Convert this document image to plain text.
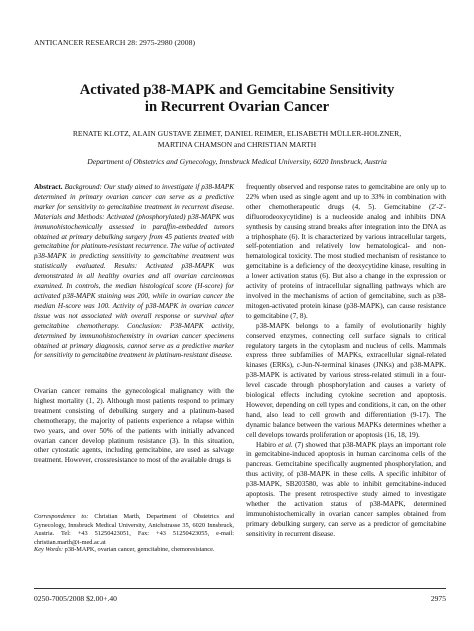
ANTICANCER RESEARCH 28: 2975-2980 (2008)
Activated p38-MAPK and Gemcitabine Sensitivity
in Recurrent Ovarian Cancer
RENATE KLOTZ, ALAIN GUSTAVE ZEIMET, DANIEL REIMER, ELISABETH MÜLLER-HOLZNER,
MARTINA CHAMSON and CHRISTIAN MARTH
Department of Obstetrics and Gynecology, Innsbruck Medical University, 6020 Innsbruck, Austria

Abstract. Background: Our study aimed to investigate if p38-MAPK determined in primary ovarian cancer can serve as a predictive marker for sensitivity to gemcitabine treatment in recurrent disease. Materials and Methods: Activated (phosphorylated) p38-MAPK was immunohistochemically assessed in paraffin-embedded tumors obtained at primary debulking surgery from 45 patients treated with gemcitabine for platinum-resistant recurrence. The value of activated p38-MAPK in predicting sensitivity to gemcitabine treatment was statistically evaluated. Results: Activated p38-MAPK was demonstrated in all healthy ovaries and all ovarian carcinomas examined. In controls, the median histological score (H-score) for activated p38-MAPK staining was 200, while in ovarian cancer the median H-score was 100. Activity of p38-MAPK in ovarian cancer tissue was not associated with overall response or survival after gemcitabine chemotherapy. Conclusion: P38-MAPK activity, determined by immunohistochemistry in ovarian cancer specimens obtained at primary diagnosis, cannot serve as a predictive marker for sensitivity to gemcitabine treatment in platinum-resistant disease.

Ovarian cancer remains the gynecological malignancy with the highest mortality (1, 2). Although most patients respond to primary treatment consisting of debulking surgery and a platinum-based chemotherapy, the majority of patients experience a relapse within two years, and over 50% of the patients with initially advanced ovarian cancer develop platinum resistance (3). In this situation, other cytostatic agents, including gemcitabine, are used as salvage treatment. However, crossresistance to most of the available drugs is

Correspondence to: Christian Marth, Department of Obstetrics and Gynecology, Innsbruck Medical University, Anichstrasse 35, 6020 Innsbruck, Austria. Tel: +43 51250423051, Fax: +43 51250423055, e-mail: christian.marth@i-med.ac.at

Key Words: p38-MAPK, ovarian cancer, gemcitabine, chemoresistance.

frequently observed and response rates to gemcitabine are only up to 22% when used as single agent and up to 33% in combination with other chemotherapeutic drugs (4, 5). Gemcitabine (2'-2'-difluorodeoxycytidine) is a nucleoside analog and inhibits DNA synthesis by causing strand breaks after integration into the DNA as a triphosphate (6). It is characterized by various intracellular targets, self-potentiation and relatively low hematological- and non-hematological toxicity. The most studied mechanism of resistance to gemcitabine is a deficiency of the deoxycytidine kinase, resulting in a lower activation status (6). But also a change in the expression or activity of proteins of intracellular signalling pathways which are involved in the mechanisms of action of gemcitabine, such as p38-mitogen-activated protein kinase (p38-MAPK), can cause resistance to gemcitabine (7, 8).

p38-MAPK belongs to a family of evolutionarily highly conserved enzymes, connecting cell surface signals to critical regulatory targets in the cytoplasm and nucleus of cells. Mammals express three subfamilies of MAPKs, extracellular signal-related kinases (ERKs), c-Jun-N-terminal kinases (JNKs) and p38-MAPK. p38-MAPK is activated by various stress-related stimuli in a four-level cascade through phosphorylation and causes a variety of biological effects including cytokine secretion and apoptosis. However, depending on cell types and conditions, it can, on the other hand, also lead to cell growth and differentiation (9-17). The dynamic balance between the various MAPKs determines whether a cell develops towards proliferation or apoptosis (16, 18, 19).

Habiro et al. (7) showed that p38-MAPK plays an important role in gemcitabine-induced apoptosis in human carcinoma cells of the pancreas. Gemcitabine specifically augmented phosphorylation, and thus activity, of p38-MAPK in these cells. A specific inhibitor of p38-MAPK, SB203580, was able to inhibit gemcitabine-induced apoptosis. The present retrospective study aimed to investigate whether the activation status of p38-MAPK, determined immunohistochemically in ovarian cancer samples obtained from primary debulking surgery, can serve as a predictor of gemcitabine sensitivity in recurrent disease.

0250-7005/2008 $2.00+.40	2975
